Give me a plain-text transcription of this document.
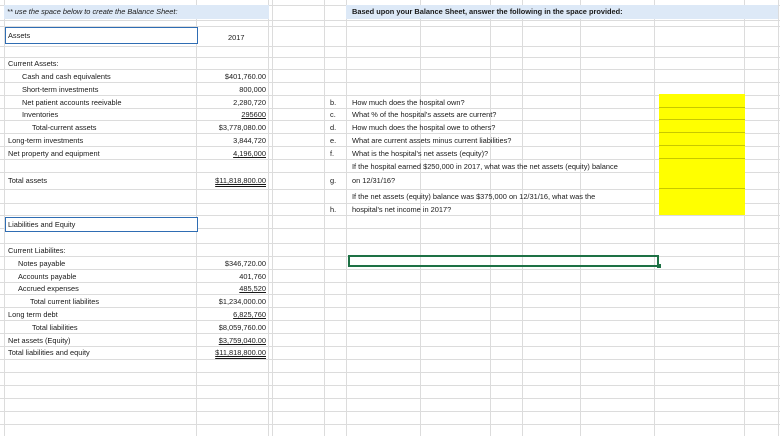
** use the space below to create the Balance Sheet:	Based upon your Balance Sheet, answer the following in the space provided:
Assets	2017
Current Assets:
Cash and cash equivalents	$401,760.00
Short-term investments	800,000
Net patient accounts reeivable	2,280,720
Inventories	295600
Total-current assets	$3,778,080.00
Long-term investments	3,844,720
Net property and equipment	4,196,000
Total assets	$11,818,800.00
Liabilities and Equity
Current Liabilites:
Notes payable	$346,720.00
Accounts payable	401,760
Accrued expenses	485,520
Total current liabilites	$1,234,000.00
Long term debt	6,825,760
Total liabilities	$8,059,760.00
Net assets (Equity)	$3,759,040.00
Total liabilities and equity	$11,818,800.00
b. How much does the hospital own?
c. What % of the hospital's assets are current?
d. How much does the hospital owe to others?
e. What are current assets minus current liabilities?
f. What is the hospital's net assets (equity)?
If the hospital earned $250,000 in 2017, what was the net assets (equity) balance
g. on 12/31/16?
If the net assets (equity) balance was $375,000 on 12/31/16, what was the
h. hospital's net income in 2017?
